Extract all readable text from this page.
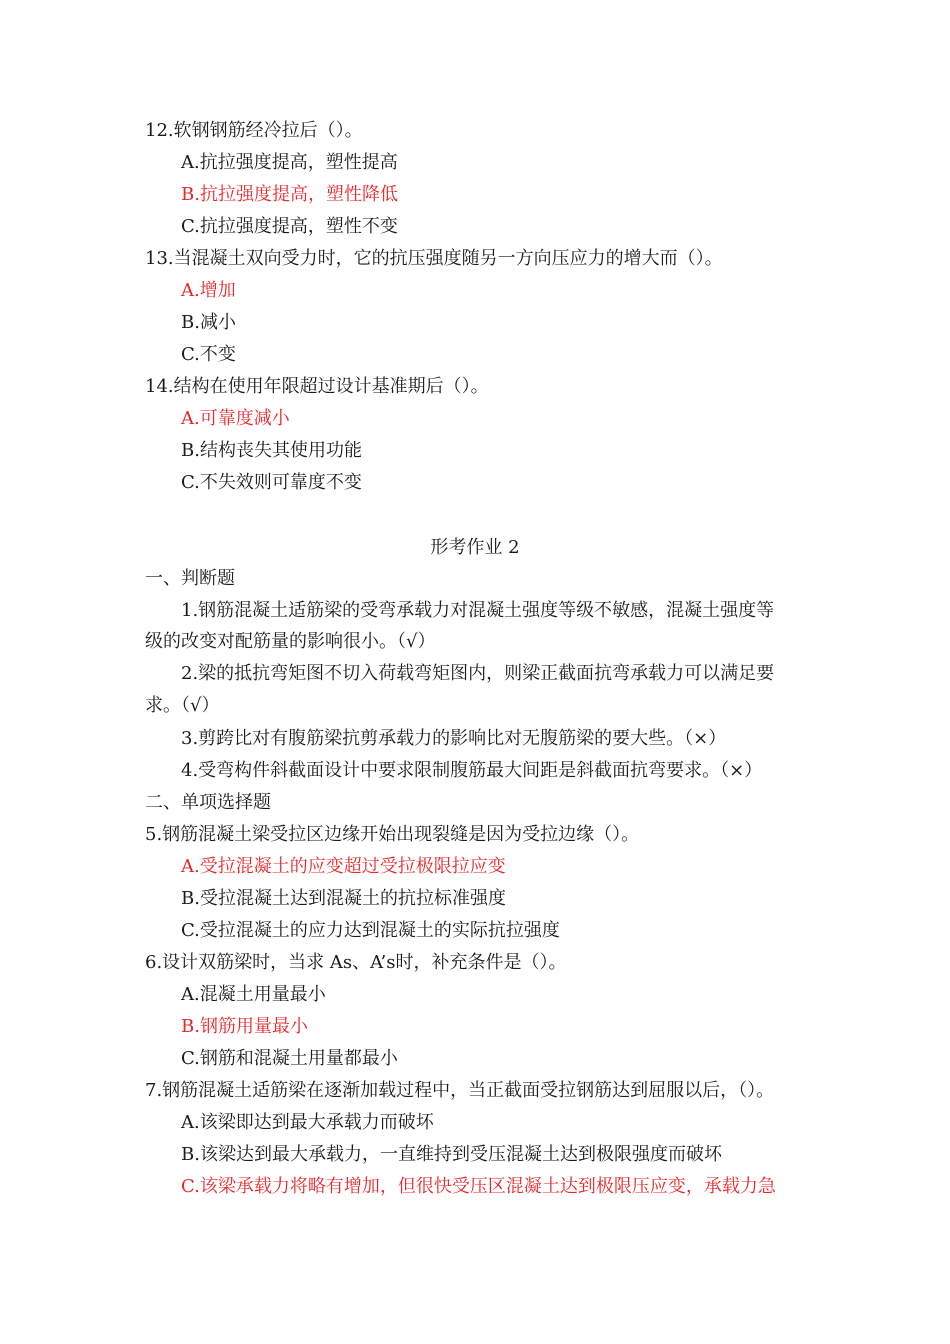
12.软钢钢筋经冷拉后（）。
A.抗拉强度提高，塑性提高
B.抗拉强度提高，塑性降低
C.抗拉强度提高，塑性不变
13.当混凝土双向受力时，它的抗压强度随另一方向压应力的增大而（）。
A.增加
B.减小
C.不变
14.结构在使用年限超过设计基准期后（）。
A.可靠度减小
B.结构丧失其使用功能
C.不失效则可靠度不变
形考作业 2
一、判断题
1.钢筋混凝土适筋梁的受弯承载力对混凝土强度等级不敏感，混凝土强度等
级的改变对配筋量的影响很小。（√）
2.梁的抵抗弯矩图不切入荷载弯矩图内，则梁正截面抗弯承载力可以满足要
求。（√）
3.剪跨比对有腹筋梁抗剪承载力的影响比对无腹筋梁的要大些。（×）
4.受弯构件斜截面设计中要求限制腹筋最大间距是斜截面抗弯要求。（×）
二、单项选择题
5.钢筋混凝土梁受拉区边缘开始出现裂缝是因为受拉边缘（）。
A.受拉混凝土的应变超过受拉极限拉应变
B.受拉混凝土达到混凝土的抗拉标准强度
C.受拉混凝土的应力达到混凝土的实际抗拉强度
6.设计双筋梁时，当求 As、A’s时，补充条件是（）。
A.混凝土用量最小
B.钢筋用量最小
C.钢筋和混凝土用量都最小
7.钢筋混凝土适筋梁在逐渐加载过程中，当正截面受拉钢筋达到屈服以后，（）。
A.该梁即达到最大承载力而破坏
B.该梁达到最大承载力，一直维持到受压混凝土达到极限强度而破坏
C.该梁承载力将略有增加，但很快受压区混凝土达到极限压应变，承载力急
